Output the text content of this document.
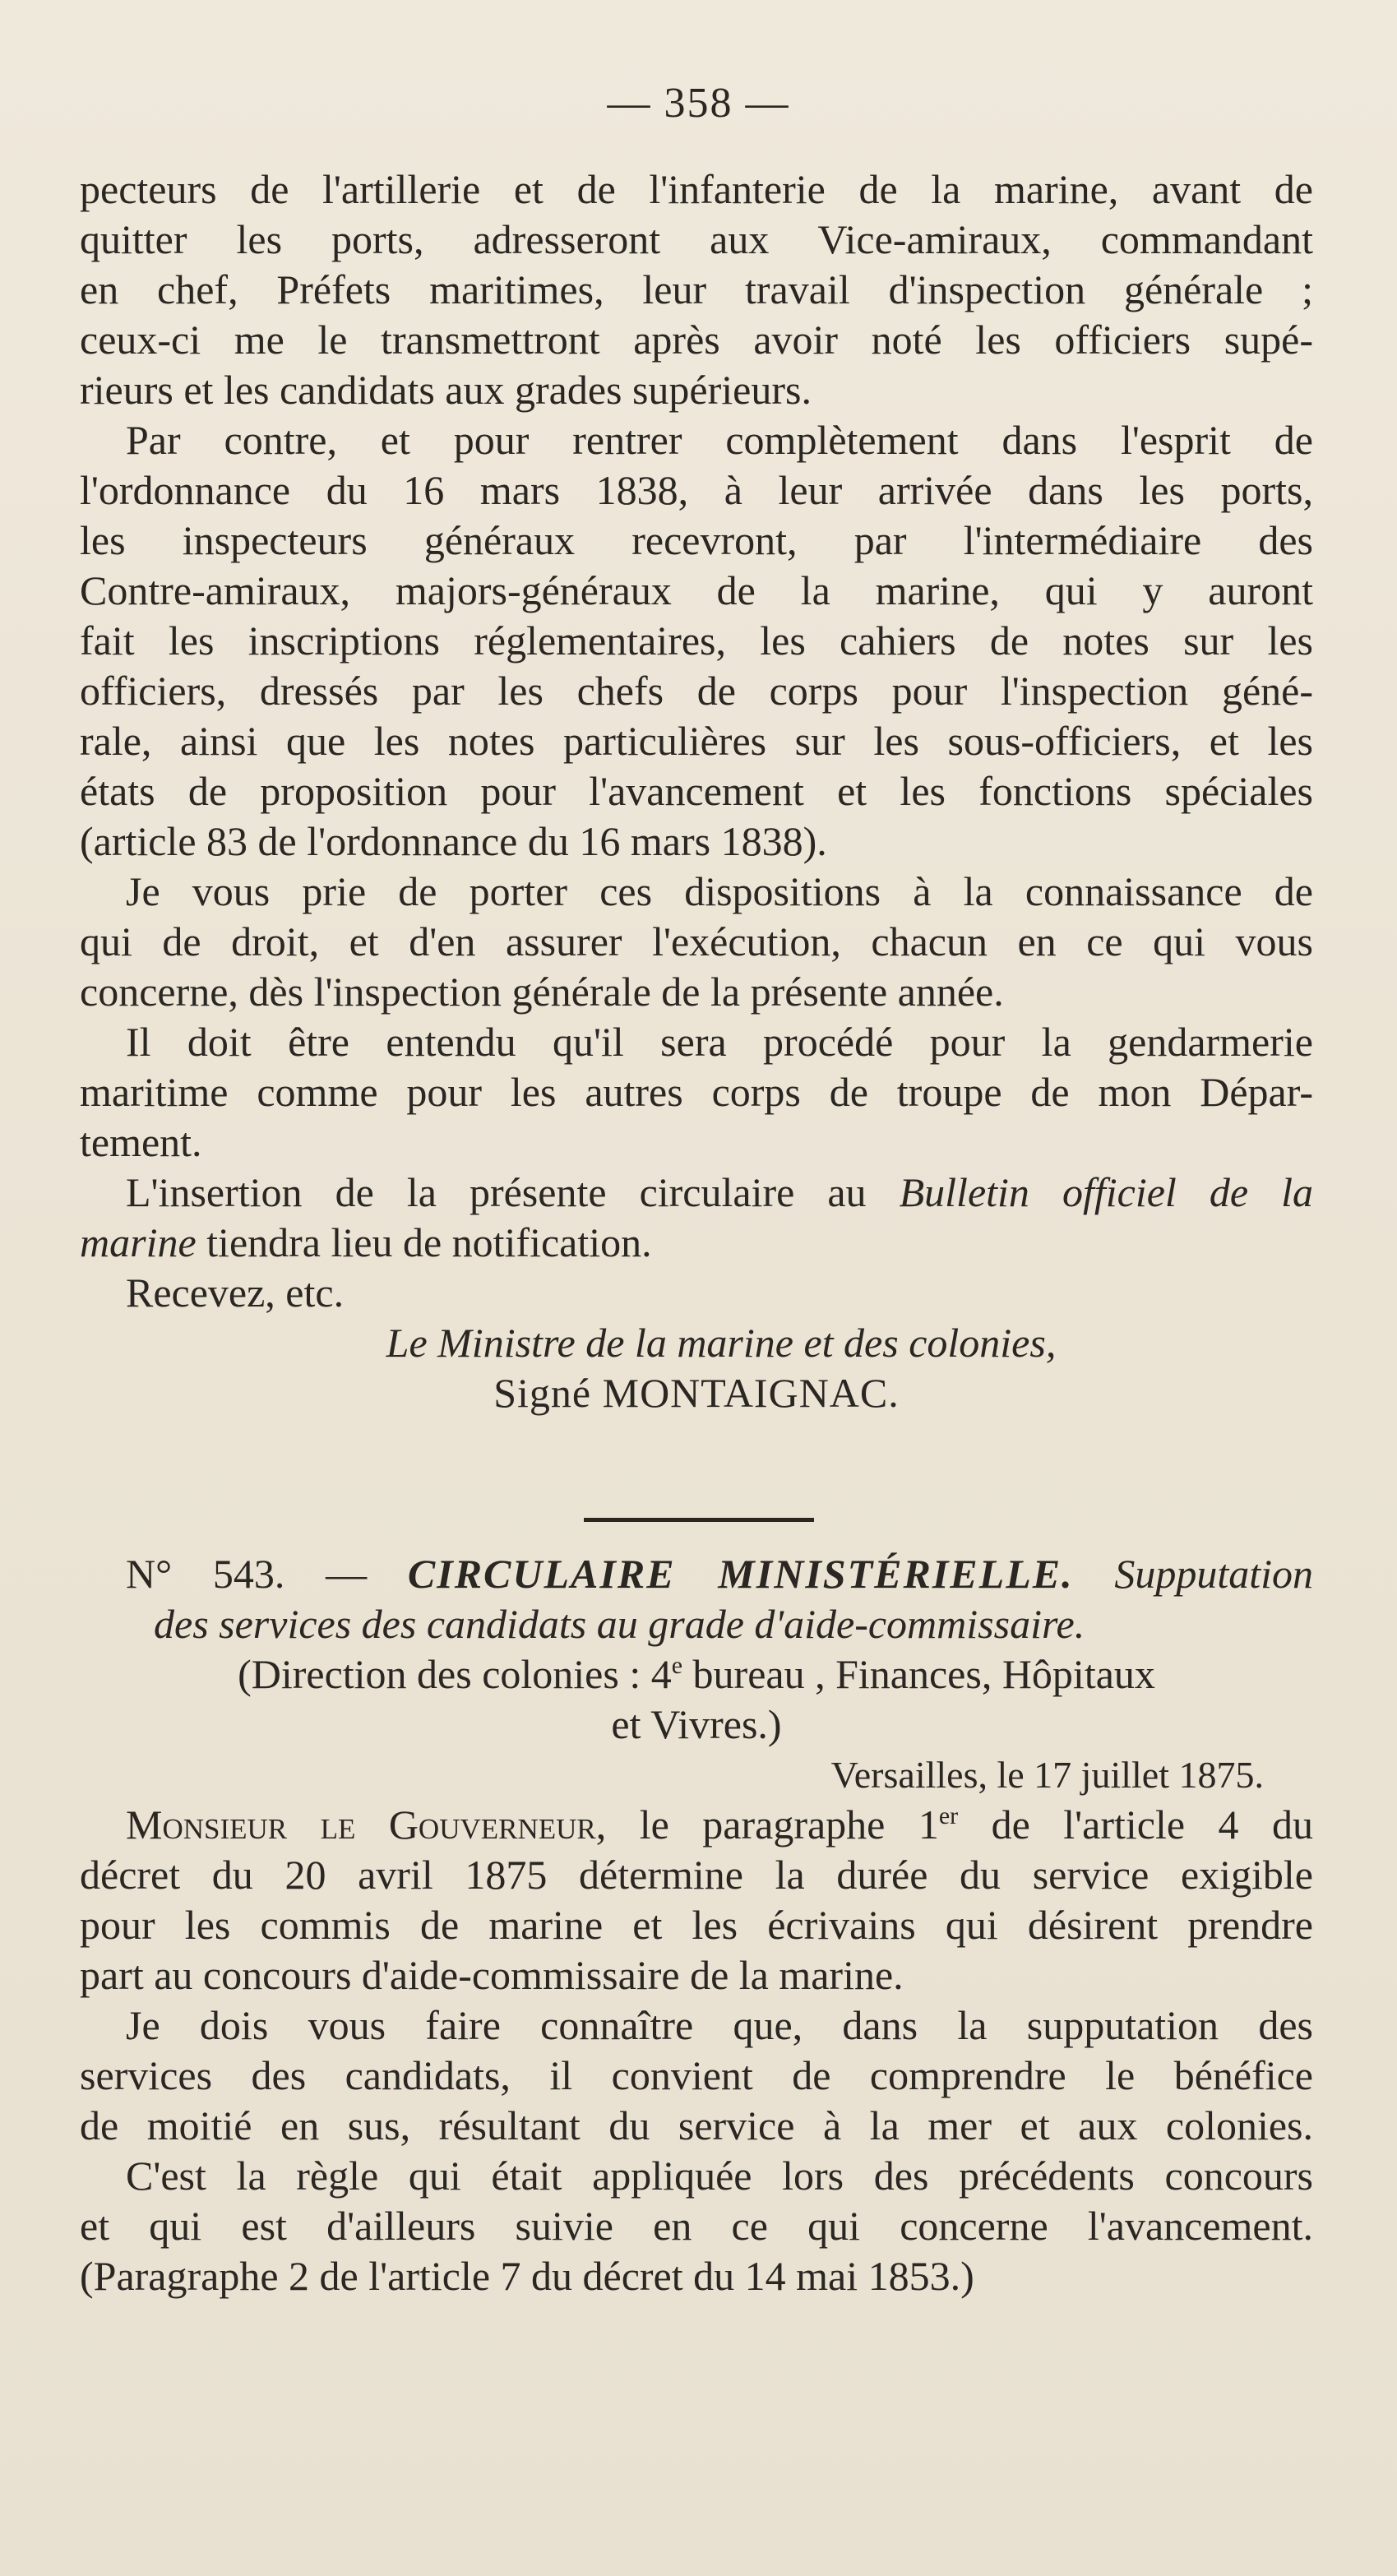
— 358 —
pecteurs de l'artillerie et de l'infanterie de la marine, avant de
quitter les ports, adresseront aux Vice-amiraux, commandant
en chef, Préfets maritimes, leur travail d'inspection générale ;
ceux-ci me le transmettront après avoir noté les officiers supé-
rieurs et les candidats aux grades supérieurs.
Par contre, et pour rentrer complètement dans l'esprit de
l'ordonnance du 16 mars 1838, à leur arrivée dans les ports,
les inspecteurs généraux recevront, par l'intermédiaire des
Contre-amiraux, majors-généraux de la marine, qui y auront
fait les inscriptions réglementaires, les cahiers de notes sur les
officiers, dressés par les chefs de corps pour l'inspection géné-
rale, ainsi que les notes particulières sur les sous-officiers, et les
états de proposition pour l'avancement et les fonctions spéciales
(article 83 de l'ordonnance du 16 mars 1838).
Je vous prie de porter ces dispositions à la connaissance de
qui de droit, et d'en assurer l'exécution, chacun en ce qui vous
concerne, dès l'inspection générale de la présente année.
Il doit être entendu qu'il sera procédé pour la gendarmerie
maritime comme pour les autres corps de troupe de mon Dépar-
tement.
L'insertion de la présente circulaire au Bulletin officiel de la
marine tiendra lieu de notification.
Recevez, etc.
Le Ministre de la marine et des colonies,
Signé MONTAIGNAC.
N° 543. — CIRCULAIRE MINISTÉRIELLE. Supputation
des services des candidats au grade d'aide-commissaire.
(Direction des colonies : 4e bureau , Finances, Hôpitaux
et Vivres.)
Versailles, le 17 juillet 1875.
Monsieur le Gouverneur, le paragraphe 1er de l'article 4 du
décret du 20 avril 1875 détermine la durée du service exigible
pour les commis de marine et les écrivains qui désirent prendre
part au concours d'aide-commissaire de la marine.
Je dois vous faire connaître que, dans la supputation des
services des candidats, il convient de comprendre le bénéfice
de moitié en sus, résultant du service à la mer et aux colonies.
C'est la règle qui était appliquée lors des précédents concours
et qui est d'ailleurs suivie en ce qui concerne l'avancement.
(Paragraphe 2 de l'article 7 du décret du 14 mai 1853.)
